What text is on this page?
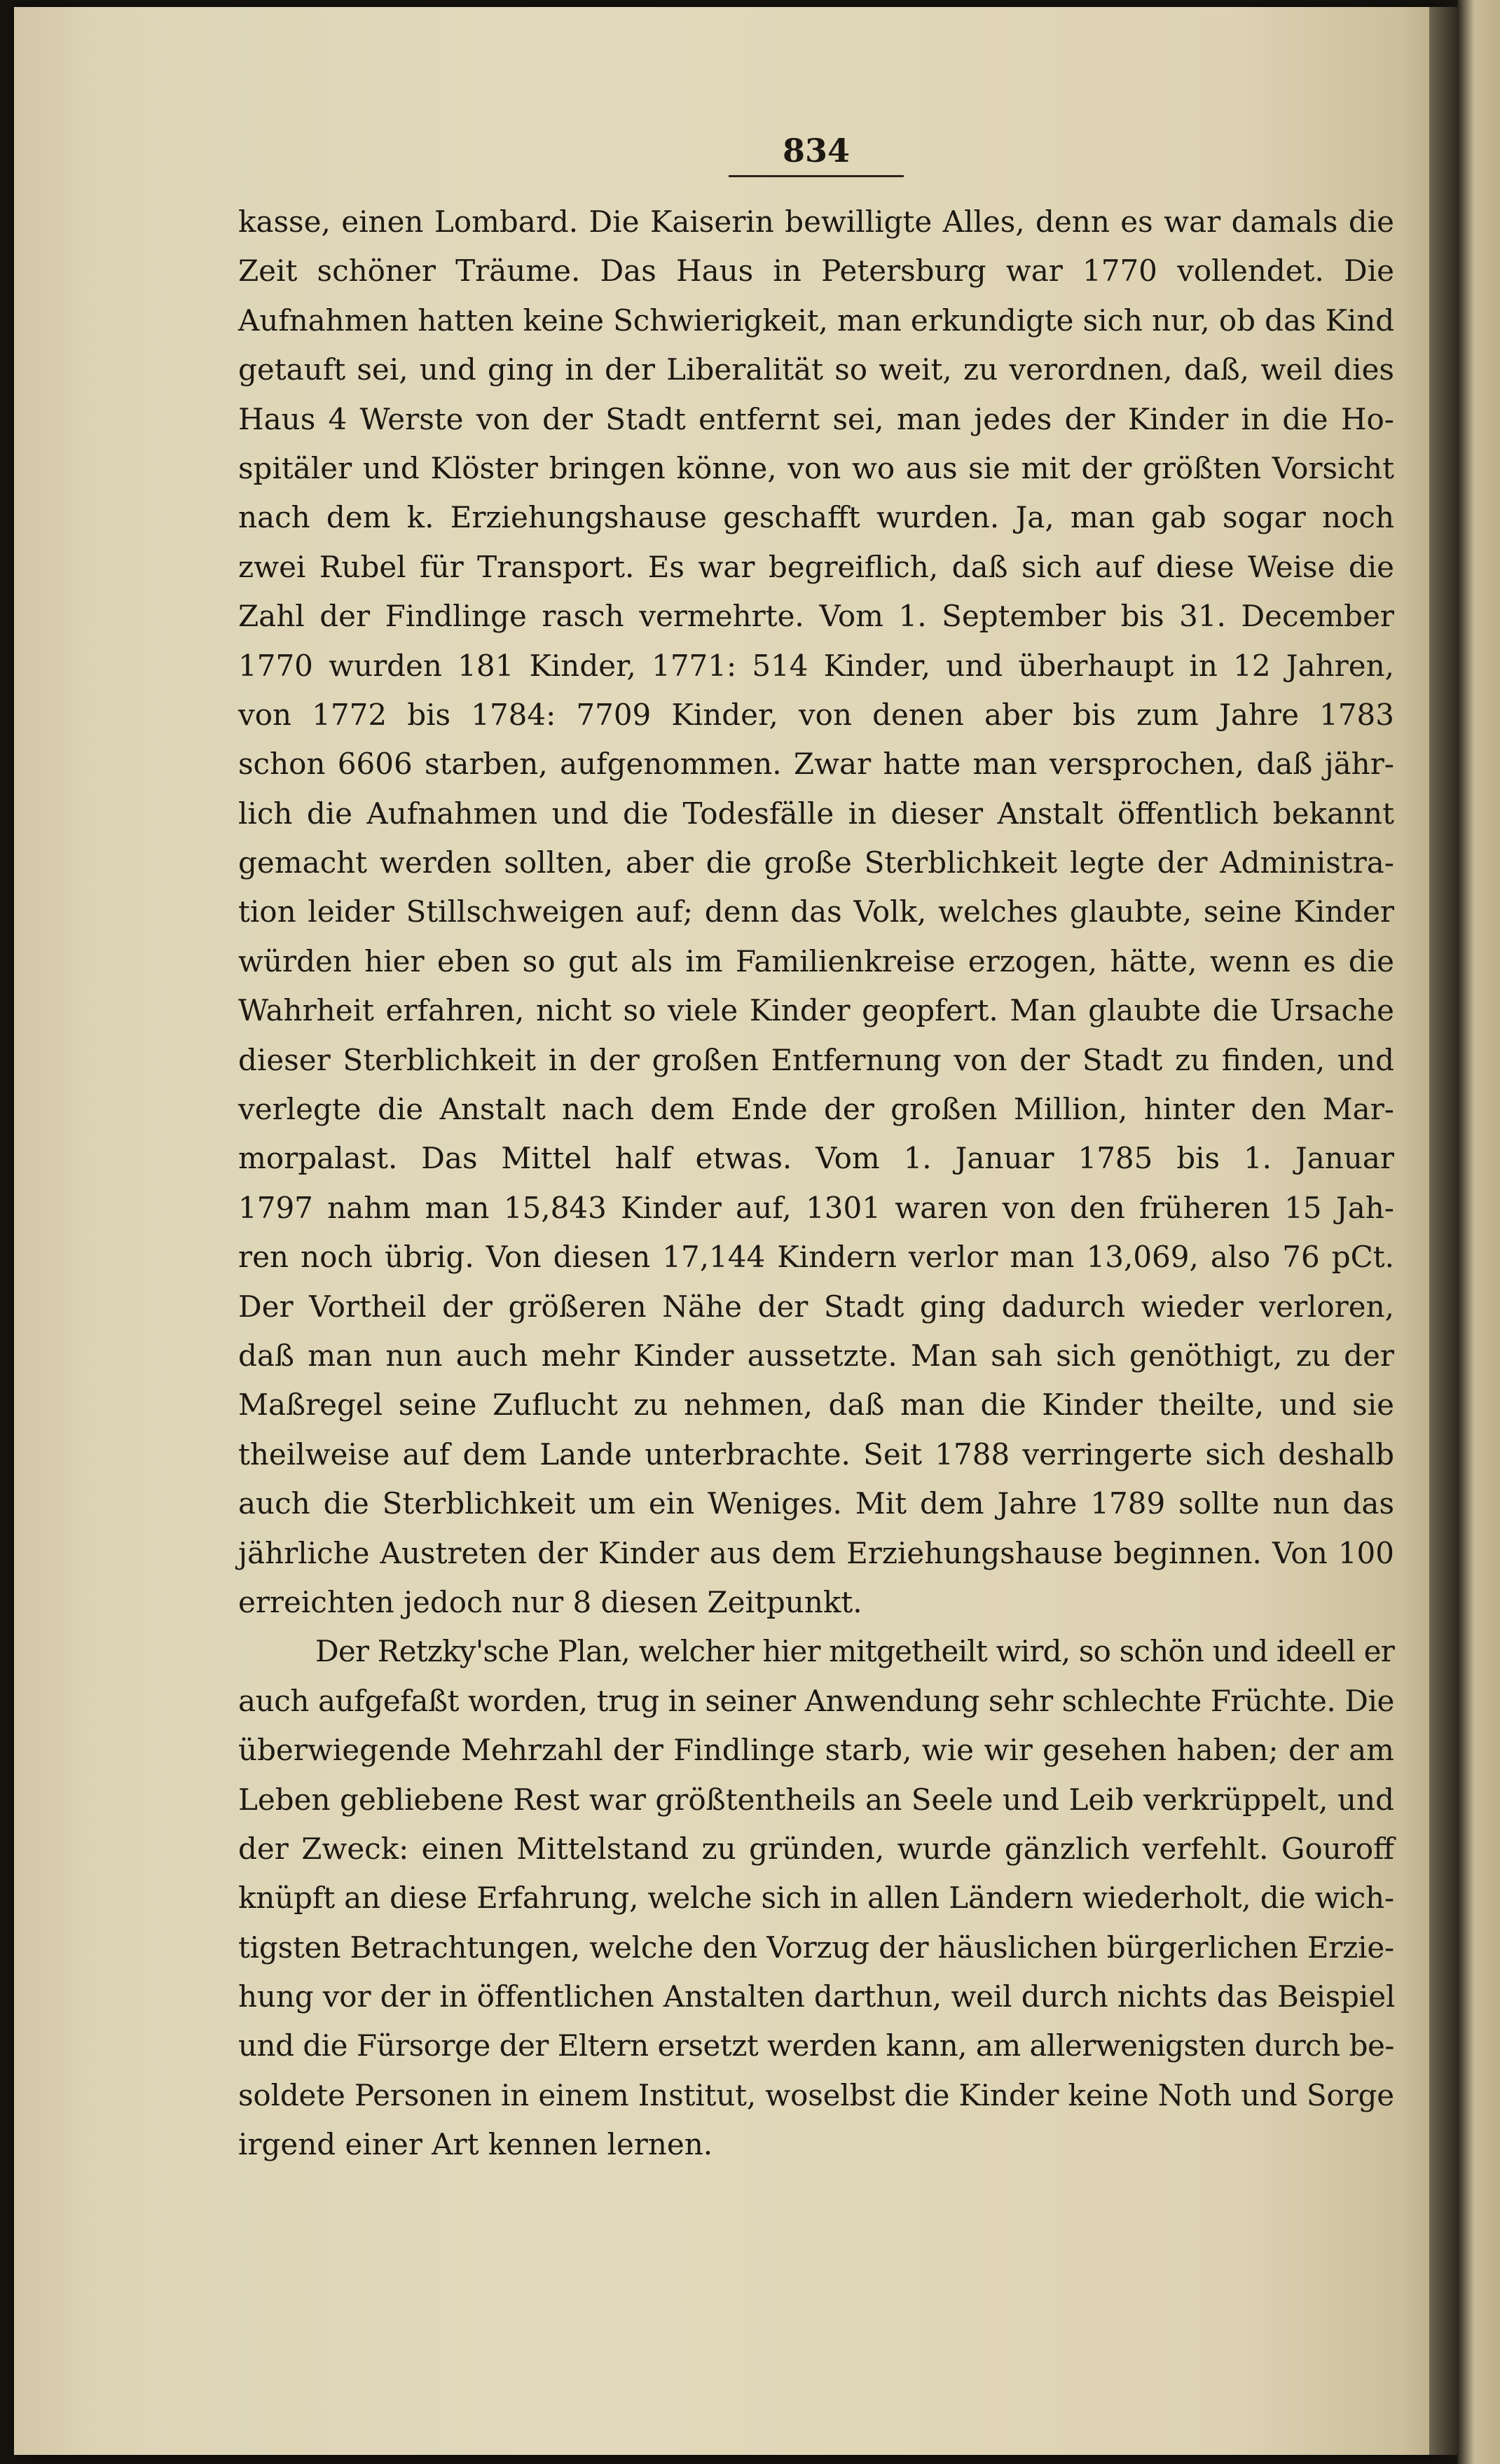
834
kasse, einen Lombard. Die Kaiserin bewilligte Alles, denn es war damals die
Zeit schöner Träume. Das Haus in Petersburg war 1770 vollendet. Die
Aufnahmen hatten keine Schwierigkeit, man erkundigte sich nur, ob das Kind
getauft sei, und ging in der Liberalität so weit, zu verordnen, daß, weil dies
Haus 4 Werste von der Stadt entfernt sei, man jedes der Kinder in die Ho-
spitäler und Klöster bringen könne, von wo aus sie mit der größten Vorsicht
nach dem k. Erziehungshause geschafft wurden. Ja, man gab sogar noch
zwei Rubel für Transport. Es war begreiflich, daß sich auf diese Weise die
Zahl der Findlinge rasch vermehrte. Vom 1. September bis 31. December
1770 wurden 181 Kinder, 1771: 514 Kinder, und überhaupt in 12 Jahren,
von 1772 bis 1784: 7709 Kinder, von denen aber bis zum Jahre 1783
schon 6606 starben, aufgenommen. Zwar hatte man versprochen, daß jähr-
lich die Aufnahmen und die Todesfälle in dieser Anstalt öffentlich bekannt
gemacht werden sollten, aber die große Sterblichkeit legte der Administra-
tion leider Stillschweigen auf; denn das Volk, welches glaubte, seine Kinder
würden hier eben so gut als im Familienkreise erzogen, hätte, wenn es die
Wahrheit erfahren, nicht so viele Kinder geopfert. Man glaubte die Ursache
dieser Sterblichkeit in der großen Entfernung von der Stadt zu finden, und
verlegte die Anstalt nach dem Ende der großen Million, hinter den Mar-
morpalast. Das Mittel half etwas. Vom 1. Januar 1785 bis 1. Januar
1797 nahm man 15,843 Kinder auf, 1301 waren von den früheren 15 Jah-
ren noch übrig. Von diesen 17,144 Kindern verlor man 13,069, also 76 pCt.
Der Vortheil der größeren Nähe der Stadt ging dadurch wieder verloren,
daß man nun auch mehr Kinder aussetzte. Man sah sich genöthigt, zu der
Maßregel seine Zuflucht zu nehmen, daß man die Kinder theilte, und sie
theilweise auf dem Lande unterbrachte. Seit 1788 verringerte sich deshalb
auch die Sterblichkeit um ein Weniges. Mit dem Jahre 1789 sollte nun das
jährliche Austreten der Kinder aus dem Erziehungshause beginnen. Von 100
erreichten jedoch nur 8 diesen Zeitpunkt.
Der Retzky'sche Plan, welcher hier mitgetheilt wird, so schön und ideell er
auch aufgefaßt worden, trug in seiner Anwendung sehr schlechte Früchte. Die
überwiegende Mehrzahl der Findlinge starb, wie wir gesehen haben; der am
Leben gebliebene Rest war größtentheils an Seele und Leib verkrüppelt, und
der Zweck: einen Mittelstand zu gründen, wurde gänzlich verfehlt. Gouroff
knüpft an diese Erfahrung, welche sich in allen Ländern wiederholt, die wich-
tigsten Betrachtungen, welche den Vorzug der häuslichen bürgerlichen Erzie-
hung vor der in öffentlichen Anstalten darthun, weil durch nichts das Beispiel
und die Fürsorge der Eltern ersetzt werden kann, am allerwenigsten durch be-
soldete Personen in einem Institut, woselbst die Kinder keine Noth und Sorge
irgend einer Art kennen lernen.
